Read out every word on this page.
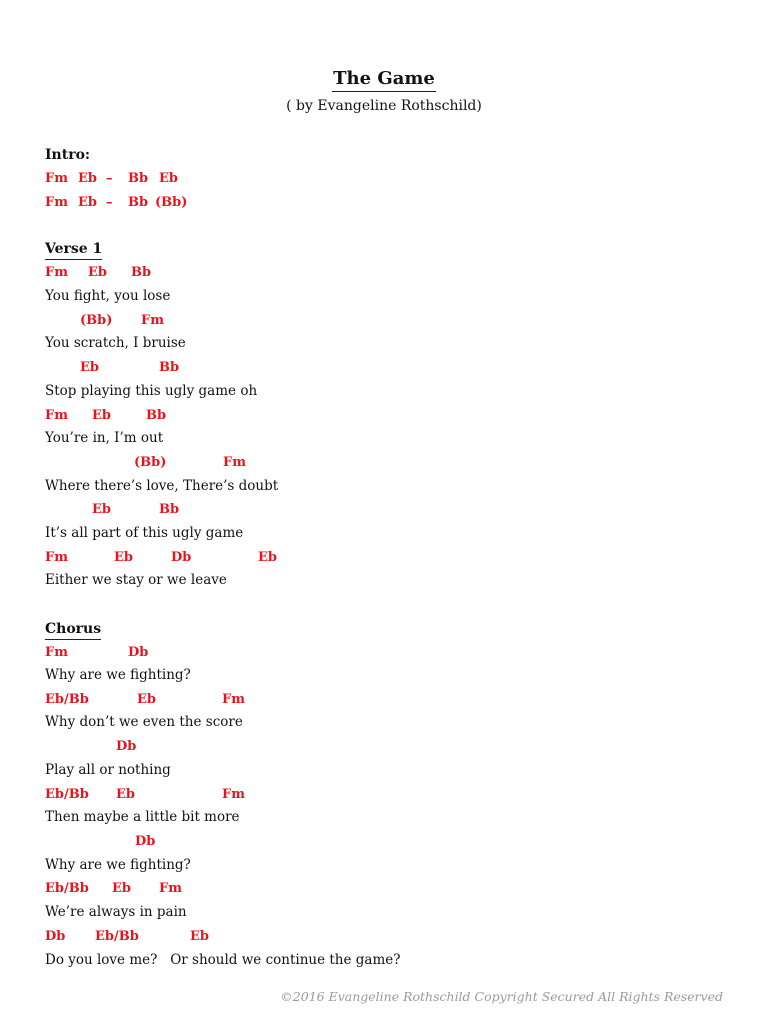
The Game
( by Evangeline Rothschild)
Intro:
Fm Eb – Bb Eb
Fm Eb – Bb (Bb)
Verse 1
Fm Eb Bb
You fight, you lose
(Bb) Fm
You scratch, I bruise
Eb	Bb
Stop playing this ugly game oh
Fm Eb	Bb
You’re in, I’m out
(Bb)	Fm
Where there’s love, There’s doubt
Eb	Bb
It’s all part of this ugly game
Fm	Eb	Db	Eb
Either we stay or we leave
Chorus
Fm	Db
Why are we fighting?
Eb/Bb	Eb	Fm
Why don’t we even the score
Db
Play all or nothing
Eb/Bb Eb	Fm
Then maybe a little bit more
Db
Why are we fighting?
Eb/Bb Eb Fm
We’re always in pain
Db Eb/Bb	Eb
Do you love me?   Or should we continue the game?
©2016 Evangeline Rothschild Copyright Secured All Rights Reserved
